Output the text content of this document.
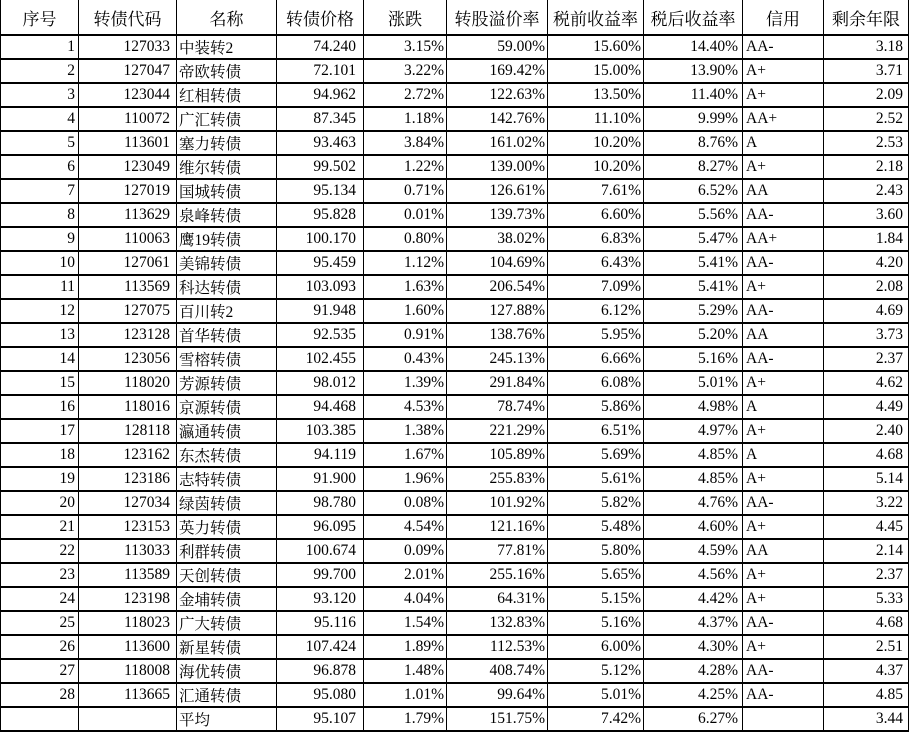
序号	转债代码	名称	转债价格	涨跌	转股溢价率	税前收益率	税后收益率	信用	剩余年限
1	127033	中装转2	74.240	3.15%	59.00%	15.60%	14.40%	AA-	3.18
2	127047	帝欧转债	72.101	3.22%	169.42%	15.00%	13.90%	A+	3.71
3	123044	红相转债	94.962	2.72%	122.63%	13.50%	11.40%	A+	2.09
4	110072	广汇转债	87.345	1.18%	142.76%	11.10%	9.99%	AA+	2.52
5	113601	塞力转债	93.463	3.84%	161.02%	10.20%	8.76%	A	2.53
6	123049	维尔转债	99.502	1.22%	139.00%	10.20%	8.27%	A+	2.18
7	127019	国城转债	95.134	0.71%	126.61%	7.61%	6.52%	AA	2.43
8	113629	泉峰转债	95.828	0.01%	139.73%	6.60%	5.56%	AA-	3.60
9	110063	鹰19转债	100.170	0.80%	38.02%	6.83%	5.47%	AA+	1.84
10	127061	美锦转债	95.459	1.12%	104.69%	6.43%	5.41%	AA-	4.20
11	113569	科达转债	103.093	1.63%	206.54%	7.09%	5.41%	A+	2.08
12	127075	百川转2	91.948	1.60%	127.88%	6.12%	5.29%	AA-	4.69
13	123128	首华转债	92.535	0.91%	138.76%	5.95%	5.20%	AA	3.73
14	123056	雪榕转债	102.455	0.43%	245.13%	6.66%	5.16%	AA-	2.37
15	118020	芳源转债	98.012	1.39%	291.84%	6.08%	5.01%	A+	4.62
16	118016	京源转债	94.468	4.53%	78.74%	5.86%	4.98%	A	4.49
17	128118	瀛通转债	103.385	1.38%	221.29%	6.51%	4.97%	A+	2.40
18	123162	东杰转债	94.119	1.67%	105.89%	5.69%	4.85%	A	4.68
19	123186	志特转债	91.900	1.96%	255.83%	5.61%	4.85%	A+	5.14
20	127034	绿茵转债	98.780	0.08%	101.92%	5.82%	4.76%	AA-	3.22
21	123153	英力转债	96.095	4.54%	121.16%	5.48%	4.60%	A+	4.45
22	113033	利群转债	100.674	0.09%	77.81%	5.80%	4.59%	AA	2.14
23	113589	天创转债	99.700	2.01%	255.16%	5.65%	4.56%	A+	2.37
24	123198	金埔转债	93.120	4.04%	64.31%	5.15%	4.42%	A+	5.33
25	118023	广大转债	95.116	1.54%	132.83%	5.16%	4.37%	AA-	4.68
26	113600	新星转债	107.424	1.89%	112.53%	6.00%	4.30%	A+	2.51
27	118008	海优转债	96.878	1.48%	408.74%	5.12%	4.28%	AA-	4.37
28	113665	汇通转债	95.080	1.01%	99.64%	5.01%	4.25%	AA-	4.85
		平均	95.107	1.79%	151.75%	7.42%	6.27%		3.44
